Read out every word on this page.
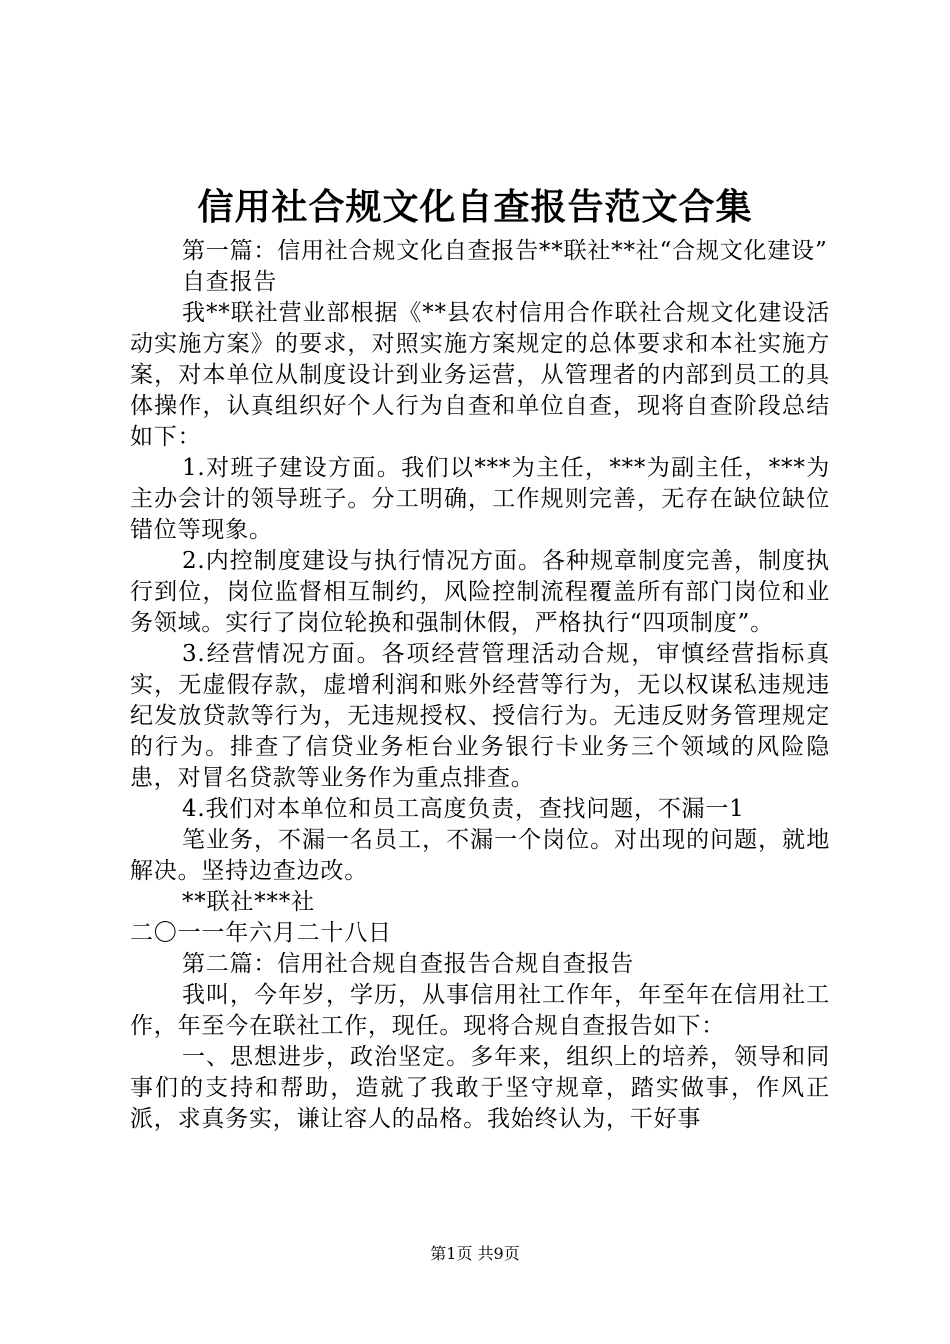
信用社合规文化自查报告范文合集

第一篇：信用社合规文化自查报告**联社**社“合规文化建设”

自查报告

我**联社营业部根据《**县农村信用合作联社合规文化建设活动实施方案》的要求，对照实施方案规定的总体要求和本社实施方案，对本单位从制度设计到业务运营，从管理者的内部到员工的具体操作，认真组织好个人行为自查和单位自查，现将自查阶段总结如下：

1.对班子建设方面。我们以***为主任，***为副主任，***为主办会计的领导班子。分工明确，工作规则完善，无存在缺位缺位错位等现象。

2.内控制度建设与执行情况方面。各种规章制度完善，制度执行到位，岗位监督相互制约，风险控制流程覆盖所有部门岗位和业务领域。实行了岗位轮换和强制休假，严格执行“四项制度”。

3.经营情况方面。各项经营管理活动合规，审慎经营指标真实，无虚假存款，虚增利润和账外经营等行为，无以权谋私违规违纪发放贷款等行为，无违规授权、授信行为。无违反财务管理规定的行为。排查了信贷业务柜台业务银行卡业务三个领域的风险隐患，对冒名贷款等业务作为重点排查。

4.我们对本单位和员工高度负责，查找问题，不漏一1

笔业务，不漏一名员工，不漏一个岗位。对出现的问题，就地解决。坚持边查边改。

**联社***社

二〇一一年六月二十八日

第二篇：信用社合规自查报告合规自查报告

我叫，今年岁，学历，从事信用社工作年，年至年在信用社工作，年至今在联社工作，现任。现将合规自查报告如下：

一、思想进步，政治坚定。多年来，组织上的培养，领导和同事们的支持和帮助，造就了我敢于坚守规章，踏实做事，作风正派，求真务实，谦让容人的品格。我始终认为，干好事

第1页 共9页
